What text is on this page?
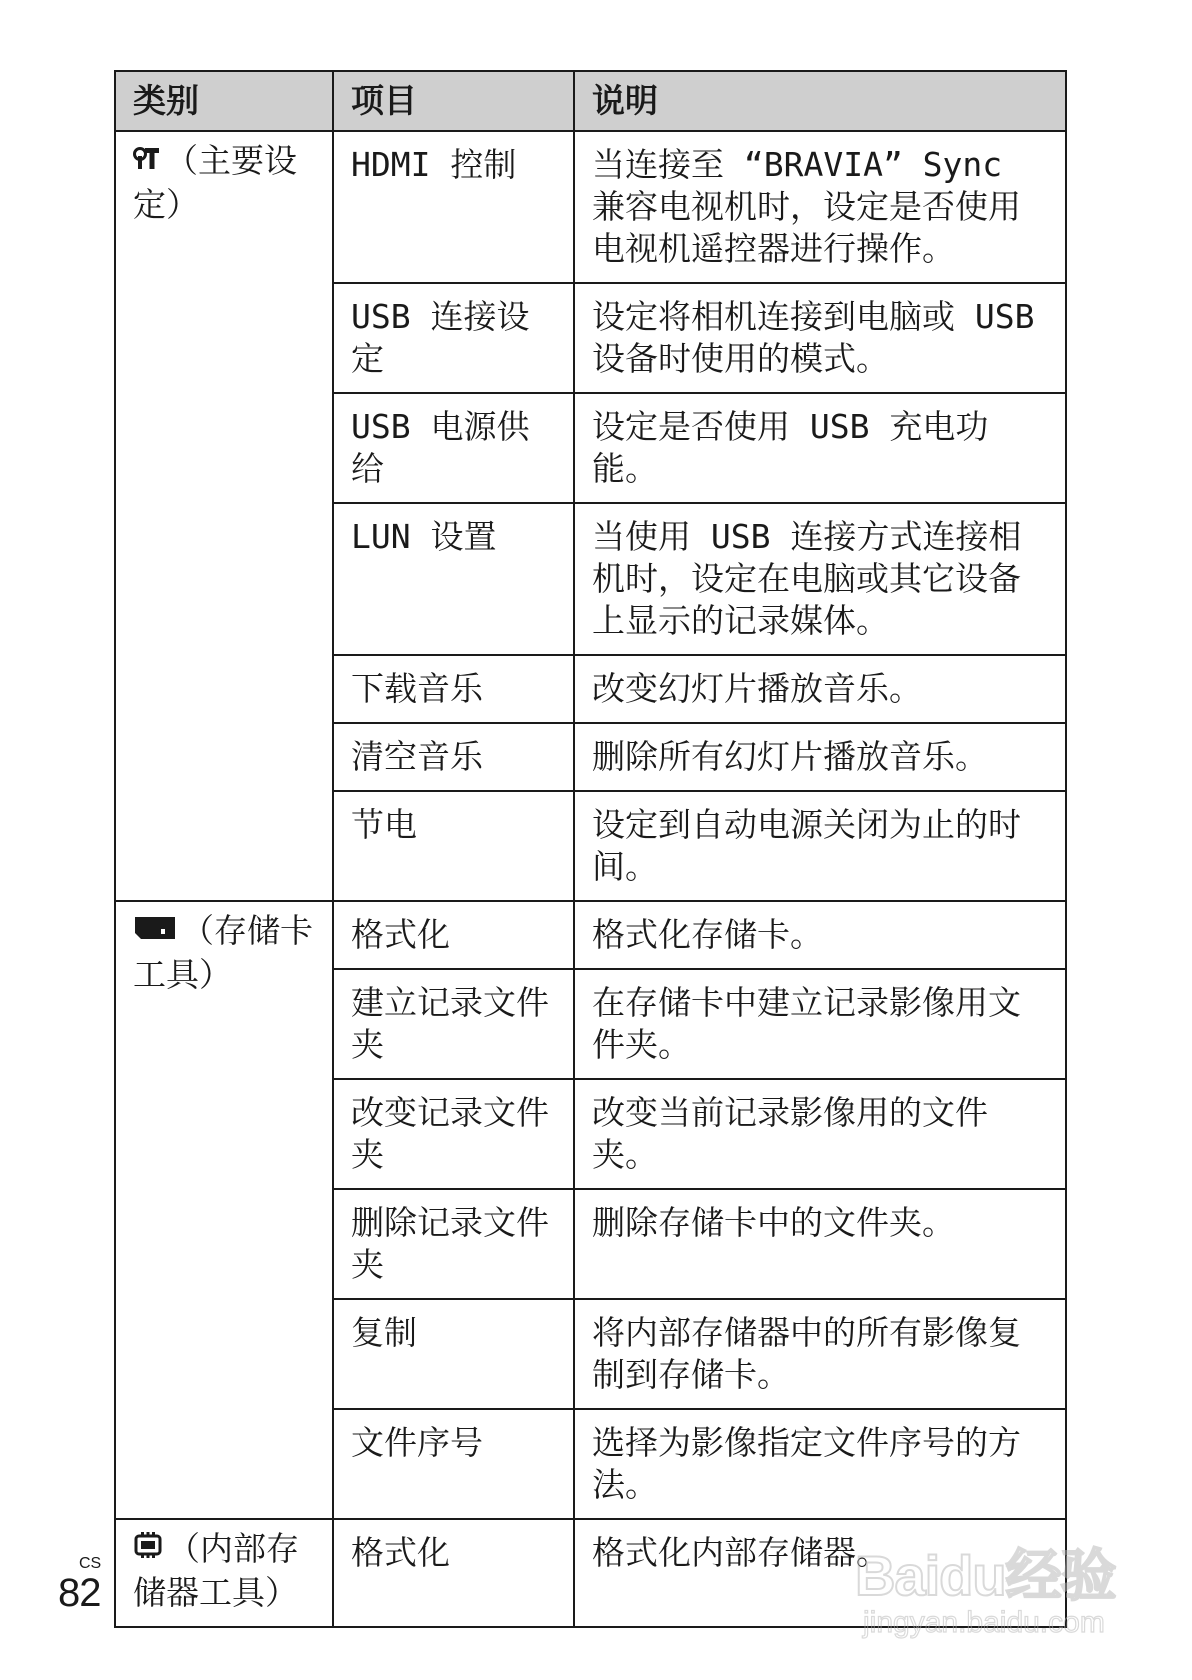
类别	项目	说明
（主要设定）	HDMI 控制	当连接至 “BRAVIA” Sync 兼容电视机时，设定是否使用电视机遥控器进行操作。
	USB 连接设定	设定将相机连接到电脑或 USB 设备时使用的模式。
	USB 电源供给	设定是否使用 USB 充电功能。
	LUN 设置	当使用 USB 连接方式连接相机时，设定在电脑或其它设备上显示的记录媒体。
	下载音乐	改变幻灯片播放音乐。
	清空音乐	删除所有幻灯片播放音乐。
	节电	设定到自动电源关闭为止的时间。
（存储卡工具）	格式化	格式化存储卡。
	建立记录文件夹	在存储卡中建立记录影像用文件夹。
	改变记录文件夹	改变当前记录影像用的文件夹。
	删除记录文件夹	删除存储卡中的文件夹。
	复制	将内部存储器中的所有影像复制到存储卡。
	文件序号	选择为影像指定文件序号的方法。
（内部存储器工具）	格式化	格式化内部存储器。
CS
82	Baidu经验
jingyan.baidu.com
